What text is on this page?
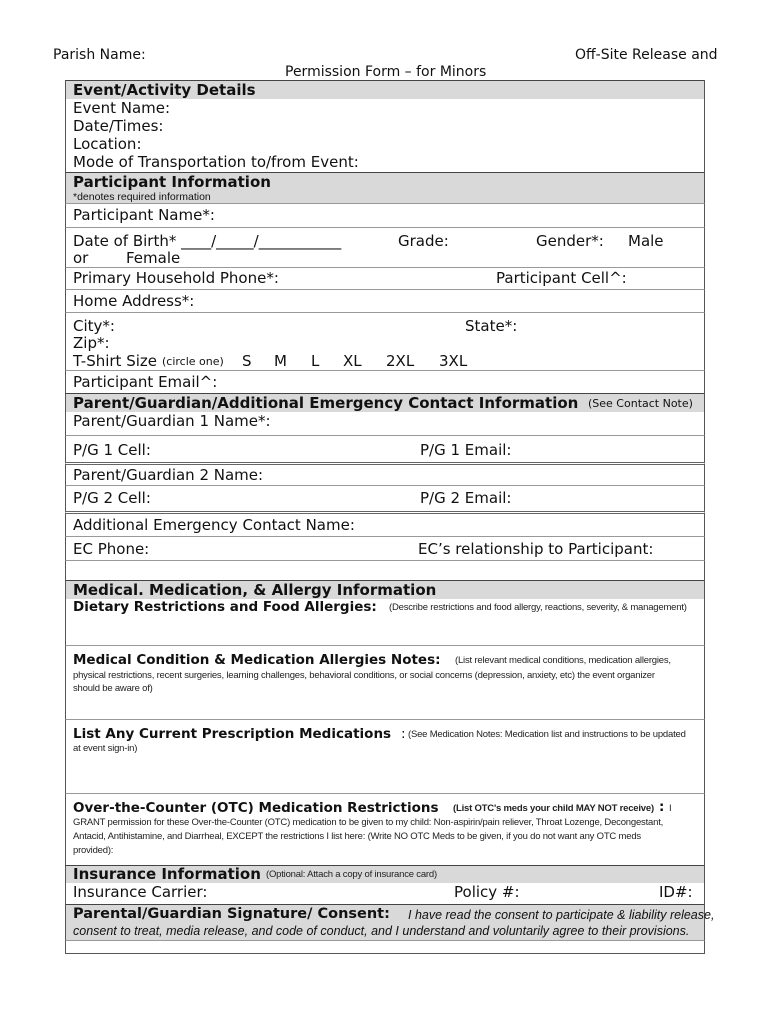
Parish Name:	Off-Site Release and
Permission Form – for Minors
Event/Activity Details
Event Name:
Date/Times:
Location:
Mode of Transportation to/from Event:
Participant Information
*denotes required information
Participant Name*:
Date of Birth* ____/_____/___________	Grade:	Gender*: Male
or	Female
Primary Household Phone*:	Participant Cell^:
Home Address*:
City*:	State*:
Zip*:
T-Shirt Size (circle one) S M L XL 2XL 3XL
Participant Email^:
Parent/Guardian/Additional Emergency Contact Information (See Contact Note)
Parent/Guardian 1 Name*:
P/G 1 Cell:	P/G 1 Email:
Parent/Guardian 2 Name:
P/G 2 Cell:	P/G 2 Email:
Additional Emergency Contact Name:
EC Phone:	EC’s relationship to Participant:
Medical. Medication, & Allergy Information
Dietary Restrictions and Food Allergies: (Describe restrictions and food allergy, reactions, severity, & management)
Medical Condition & Medication Allergies Notes: (List relevant medical conditions, medication allergies,
physical restrictions, recent surgeries, learning challenges, behavioral conditions, or social concerns (depression, anxiety, etc) the event organizer
should be aware of)
List Any Current Prescription Medications : (See Medication Notes: Medication list and instructions to be updated
at event sign-in)
Over-the-Counter (OTC) Medication Restrictions (List OTC's meds your child MAY NOT receive) : I
GRANT permission for these Over-the-Counter (OTC) medication to be given to my child: Non-aspirin/pain reliever, Throat Lozenge, Decongestant,
Antacid, Antihistamine, and Diarrheal, EXCEPT the restrictions I list here: (Write NO OTC Meds to be given, if you do not want any OTC meds
provided):
Insurance Information (Optional: Attach a copy of insurance card)
Insurance Carrier:	Policy #:	ID#:
Parental/Guardian Signature/ Consent: I have read the consent to participate & liability release,
consent to treat, media release, and code of conduct, and I understand and voluntarily agree to their provisions.
